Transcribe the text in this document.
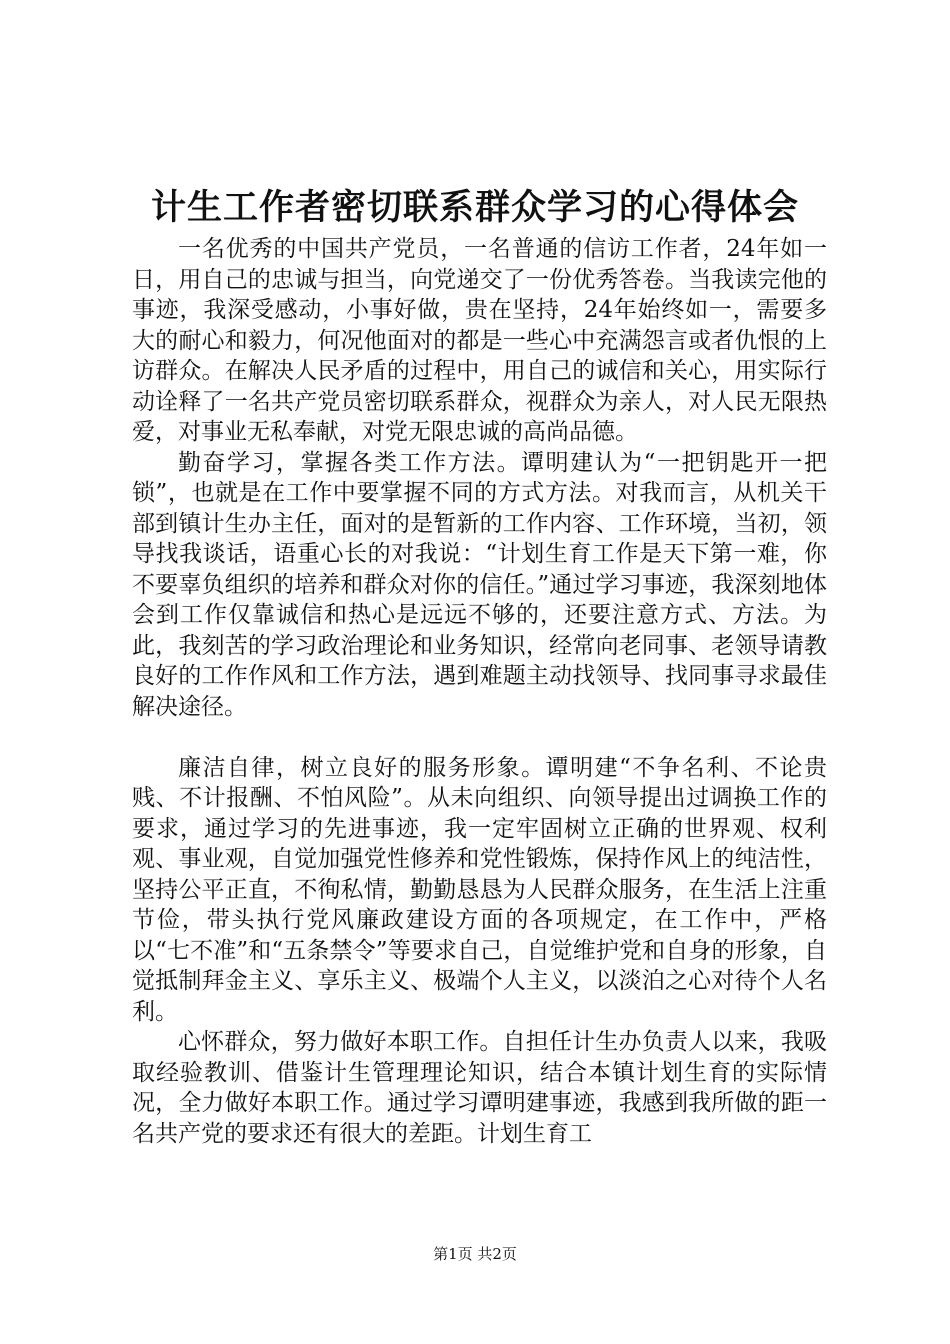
计生工作者密切联系群众学习的心得体会

一名优秀的中国共产党员，一名普通的信访工作者，24年如一日，用自己的忠诚与担当，向党递交了一份优秀答卷。当我读完他的事迹，我深受感动，小事好做，贵在坚持，24年始终如一，需要多大的耐心和毅力，何况他面对的都是一些心中充满怨言或者仇恨的上访群众。在解决人民矛盾的过程中，用自己的诚信和关心，用实际行动诠释了一名共产党员密切联系群众，视群众为亲人，对人民无限热爱，对事业无私奉献，对党无限忠诚的高尚品德。

勤奋学习，掌握各类工作方法。谭明建认为“一把钥匙开一把锁”，也就是在工作中要掌握不同的方式方法。对我而言，从机关干部到镇计生办主任，面对的是暂新的工作内容、工作环境，当初，领导找我谈话，语重心长的对我说：“计划生育工作是天下第一难，你不要辜负组织的培养和群众对你的信任。”通过学习事迹，我深刻地体会到工作仅靠诚信和热心是远远不够的，还要注意方式、方法。为此，我刻苦的学习政治理论和业务知识，经常向老同事、老领导请教良好的工作作风和工作方法，遇到难题主动找领导、找同事寻求最佳解决途径。

廉洁自律，树立良好的服务形象。谭明建“不争名利、不论贵贱、不计报酬、不怕风险”。从未向组织、向领导提出过调换工作的要求，通过学习的先进事迹，我一定牢固树立正确的世界观、权利观、事业观，自觉加强党性修养和党性锻炼，保持作风上的纯洁性，坚持公平正直，不徇私情，勤勤恳恳为人民群众服务，在生活上注重节俭，带头执行党风廉政建设方面的各项规定，在工作中，严格以“七不准”和“五条禁令”等要求自己，自觉维护党和自身的形象，自觉抵制拜金主义、享乐主义、极端个人主义，以淡泊之心对待个人名利。

心怀群众，努力做好本职工作。自担任计生办负责人以来，我吸取经验教训、借鉴计生管理理论知识，结合本镇计划生育的实际情况，全力做好本职工作。通过学习谭明建事迹，我感到我所做的距一名共产党的要求还有很大的差距。计划生育工

第1页 共2页
